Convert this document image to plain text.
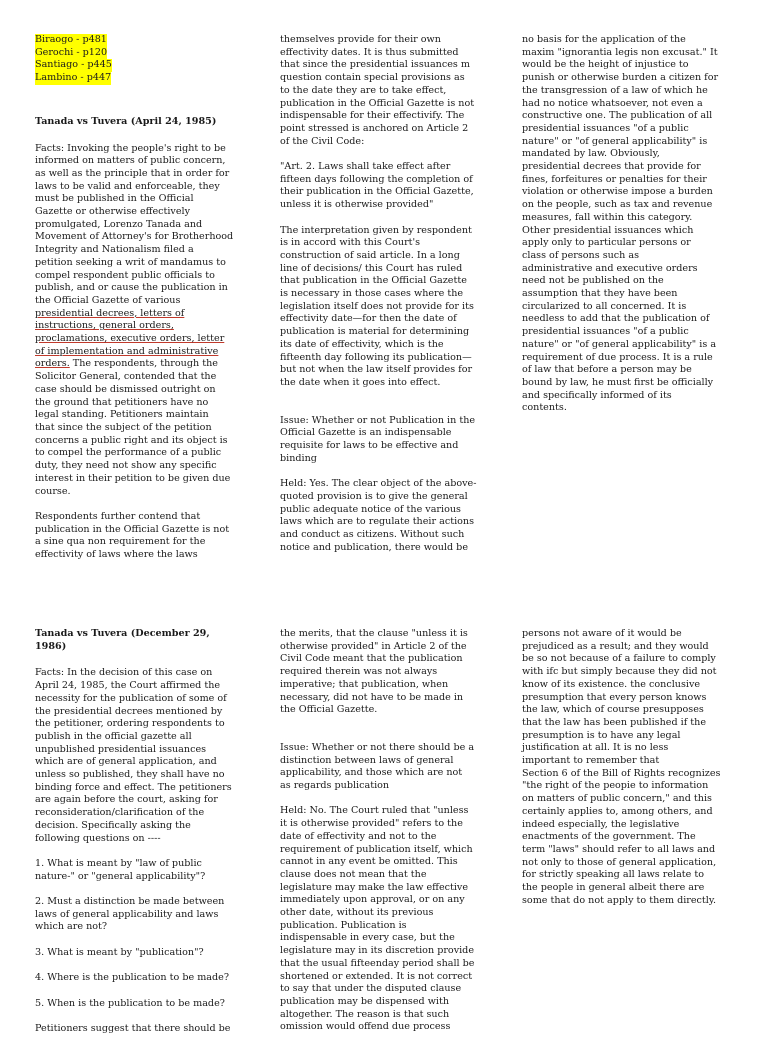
Biraogo - p481
Gerochi - p120
Santiago - p445
Lambino - p447

Tanada vs Tuvera (April 24, 1985)

Facts: Invoking the people's right to be
informed on matters of public concern,
as well as the principle that in order for
laws to be valid and enforceable, they
must be published in the Official
Gazette or otherwise effectively
promulgated, Lorenzo Tanada and
Movement of Attorney's for Brotherhood
Integrity and Nationalism filed a
petition seeking a writ of mandamus to
compel respondent public officials to
publish, and or cause the publication in
the Official Gazette of various
presidential decrees, letters of
instructions, general orders,
proclamations, executive orders, letter
of implementation and administrative
orders. The respondents, through the
Solicitor General, contended that the
case should be dismissed outright on
the ground that petitioners have no
legal standing. Petitioners maintain
that since the subject of the petition
concerns a public right and its object is
to compel the performance of a public
duty, they need not show any specific
interest in their petition to be given due
course.

Respondents further contend that
publication in the Official Gazette is not
a sine qua non requirement for the
effectivity of laws where the laws

themselves provide for their own
effectivity dates. It is thus submitted
that since the presidential issuances m
question contain special provisions as
to the date they are to take effect,
publication in the Official Gazette is not
indispensable for their effectivify. The
point stressed is anchored on Article 2
of the Civil Code:

"Art. 2. Laws shall take effect after
fifteen days following the completion of
their publication in the Official Gazette,
unless it is otherwise provided"

The interpretation given by respondent
is in accord with this Court's
construction of said article. In a long
line of decisions/ this Court has ruled
that publication in the Official Gazette
is necessary in those cases where the
legislation itself does not provide for its
effectivity date—for then the date of
publication is material for determining
its date of effectivity, which is the
fifteenth day following its publication—
but not when the law itself provides for
the date when it goes into effect.

Issue: Whether or not Publication in the
Official Gazette is an indispensable
requisite for laws to be effective and
binding

Held: Yes. The clear object of the above-
quoted provision is to give the general
public adequate notice of the various
laws which are to regulate their actions
and conduct as citizens. Without such
notice and publication, there would be

no basis for the application of the
maxim "ignorantia legis non excusat." It
would be the height of injustice to
punish or otherwise burden a citizen for
the transgression of a law of which he
had no notice whatsoever, not even a
constructive one. The publication of all
presidential issuances "of a public
nature" or "of general applicability" is
mandated by law. Obviously,
presidential decrees that provide for
fines, forfeitures or penalties for their
violation or otherwise impose a burden
on the people, such as tax and revenue
measures, fall within this category.
Other presidential issuances which
apply only to particular persons or
class of persons such as
administrative and executive orders
need not be published on the
assumption that they have been
circularized to all concerned. It is
needless to add that the publication of
presidential issuances "of a public
nature" or "of general applicability" is a
requirement of due process. It is a rule
of law that before a person may be
bound by law, he must first be officially
and specifically informed of its
contents.

Tanada vs Tuvera (December 29,
1986)

Facts: In the decision of this case on
April 24, 1985, the Court affirmed the
necessity for the publication of some of
the presidential decrees mentioned by
the petitioner, ordering respondents to
publish in the official gazette all
unpublished presidential issuances
which are of general application, and
unless so published, they shall have no
binding force and effect. The petitioners
are again before the court, asking for
reconsideration/clarification of the
decision. Specifically asking the
following questions on ----

1. What is meant by "law of public
nature-" or "general applicability"?

2. Must a distinction be made between
laws of general applicability and laws
which are not?

3. What is meant by "publication"?

4. Where is the publication to be made?

5. When is the publication to be made?

Petitioners suggest that there should be

the merits, that the clause "unless it is
otherwise provided" in Article 2 of the
Civil Code meant that the publication
required therein was not always
imperative; that publication, when
necessary, did not have to be made in
the Official Gazette.

Issue: Whether or not there should be a
distinction between laws of general
applicability, and those which are not
as regards publication

Held: No. The Court ruled that "unless
it is otherwise provided" refers to the
date of effectivity and not to the
requirement of publication itself, which
cannot in any event be omitted. This
clause does not mean that the
legislature may make the law effective
immediately upon approval, or on any
other date, without its previous
publication. Publication is
indispensable in every case, but the
legislature may in its discretion provide
that the usual fifteenday period shall be
shortened or extended. It is not correct
to say that under the disputed clause
publication may be dispensed with
altogether. The reason is that such
omission would offend due process

persons not aware of it would be
prejudiced as a result; and they would
be so not because of a failure to comply
with ifc but simply because they did not
know of its existence. the conclusive
presumption that every person knows
the law, which of course presupposes
that the law has been published if the
presumption is to have any legal
justification at all. It is no less
important to remember that
Section 6 of the Bill of Rights recognizes
"the right of the peopie to information
on matters of public concern," and this
certainly applies to, among others, and
indeed especially, the legislative
enactments of the government. The
term "laws" should refer to all laws and
not only to those of general application,
for strictly speaking all laws relate to
the people in general albeit there are
some that do not apply to them directly.
